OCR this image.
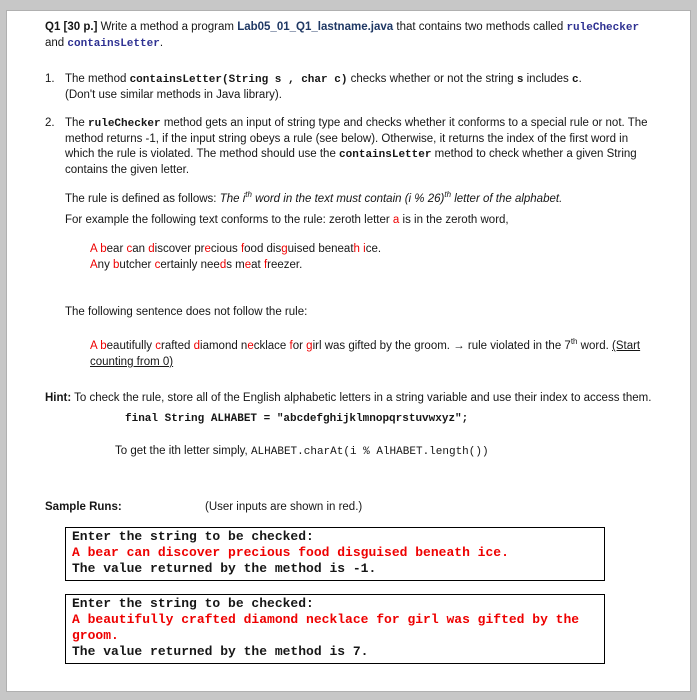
Q1 [30 p.] Write a method a program Lab05_01_Q1_lastname.java that contains two methods called ruleChecker and containsLetter.

1. The method containsLetter(String s , char c) checks whether or not the string s includes c.
(Don't use similar methods in Java library).
2. The ruleChecker method gets an input of string type and checks whether it conforms to a special rule or not. The method returns -1, if the input string obeys a rule (see below). Otherwise, it returns the index of the first word in which the rule is violated. The method should use the containsLetter method to check whether a given String contains the given letter.

The rule is defined as follows: The $i^{th}$ word in the text must contain (i % 26)$^{th}$ letter of the alphabet.

For example the following text conforms to the rule: zeroth letter a is in the zeroth word,

A bear can discover precious food disguised beneath ice.

Any butcher certainly needs meat freezer.

The following sentence does not follow the rule:

A beautifully crafted diamond necklace for girl was gifted by the groom. → rule violated in the 7th word. (Start counting from 0)

Hint: To check the rule, store all of the English alphabetic letters in a string variable and use their index to access them.

final String ALHABET = "abcdefghijklmnopqrstuvwxyz";

To get the ith letter simply, ALHABET.charAt(i % AlHABET.length())

Sample Runs:	(User inputs are shown in red.)
Enter the string to be checked:
A bear can discover precious food disguised beneath ice.
The value returned by the method is -1.
Enter the string to be checked:
A beautifully crafted diamond necklace for girl was gifted by the groom.
The value returned by the method is 7.
